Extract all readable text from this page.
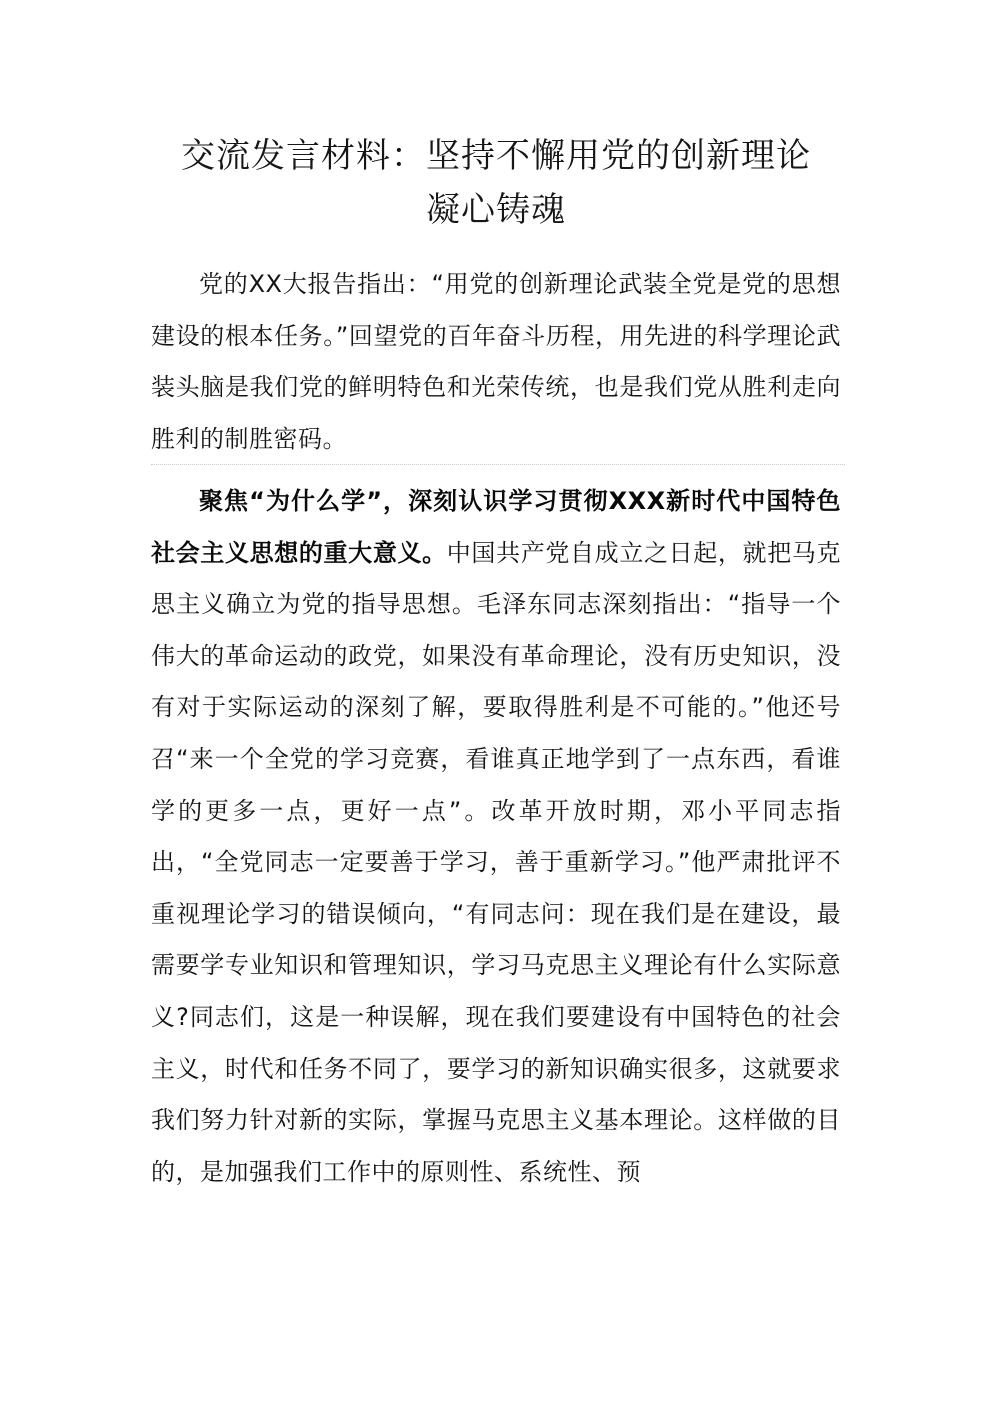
交流发言材料：坚持不懈用党的创新理论
凝心铸魂

党的XX大报告指出：“用党的创新理论武装全党是党的思想建设的根本任务。”回望党的百年奋斗历程，用先进的科学理论武装头脑是我们党的鲜明特色和光荣传统，也是我们党从胜利走向胜利的制胜密码。

聚焦“为什么学”，深刻认识学习贯彻XXX新时代中国特色社会主义思想的重大意义。中国共产党自成立之日起，就把马克思主义确立为党的指导思想。毛泽东同志深刻指出：“指导一个伟大的革命运动的政党，如果没有革命理论，没有历史知识，没有对于实际运动的深刻了解，要取得胜利是不可能的。”他还号召“来一个全党的学习竞赛，看谁真正地学到了一点东西，看谁学的更多一点，更好一点”。改革开放时期，邓小平同志指出，“全党同志一定要善于学习，善于重新学习。”他严肃批评不重视理论学习的错误倾向，“有同志问：现在我们是在建设，最需要学专业知识和管理知识，学习马克思主义理论有什么实际意义?同志们，这是一种误解，现在我们要建设有中国特色的社会主义，时代和任务不同了，要学习的新知识确实很多，这就要求我们努力针对新的实际，掌握马克思主义基本理论。这样做的目的，是加强我们工作中的原则性、系统性、预
